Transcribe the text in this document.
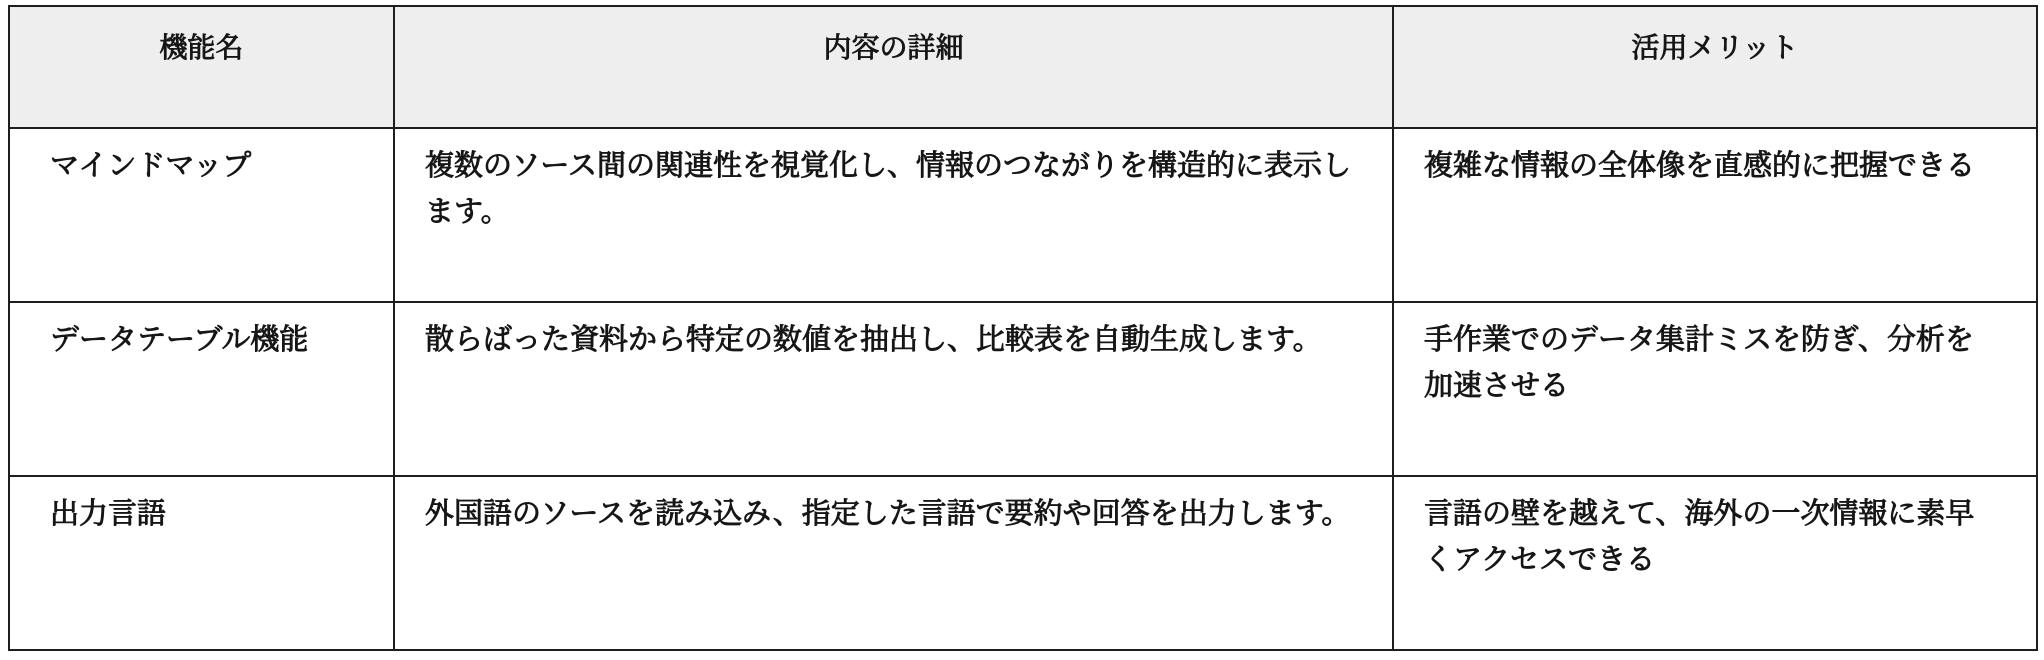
機能名	内容の詳細	活用メリット
マインドマップ	複数のソース間の関連性を視覚化し、情報のつながりを構造的に表示します。	複雑な情報の全体像を直感的に把握できる
データテーブル機能	散らばった資料から特定の数値を抽出し、比較表を自動生成します。	手作業でのデータ集計ミスを防ぎ、分析を加速させる
出力言語	外国語のソースを読み込み、指定した言語で要約や回答を出力します。	言語の壁を越えて、海外の一次情報に素早くアクセスできる
